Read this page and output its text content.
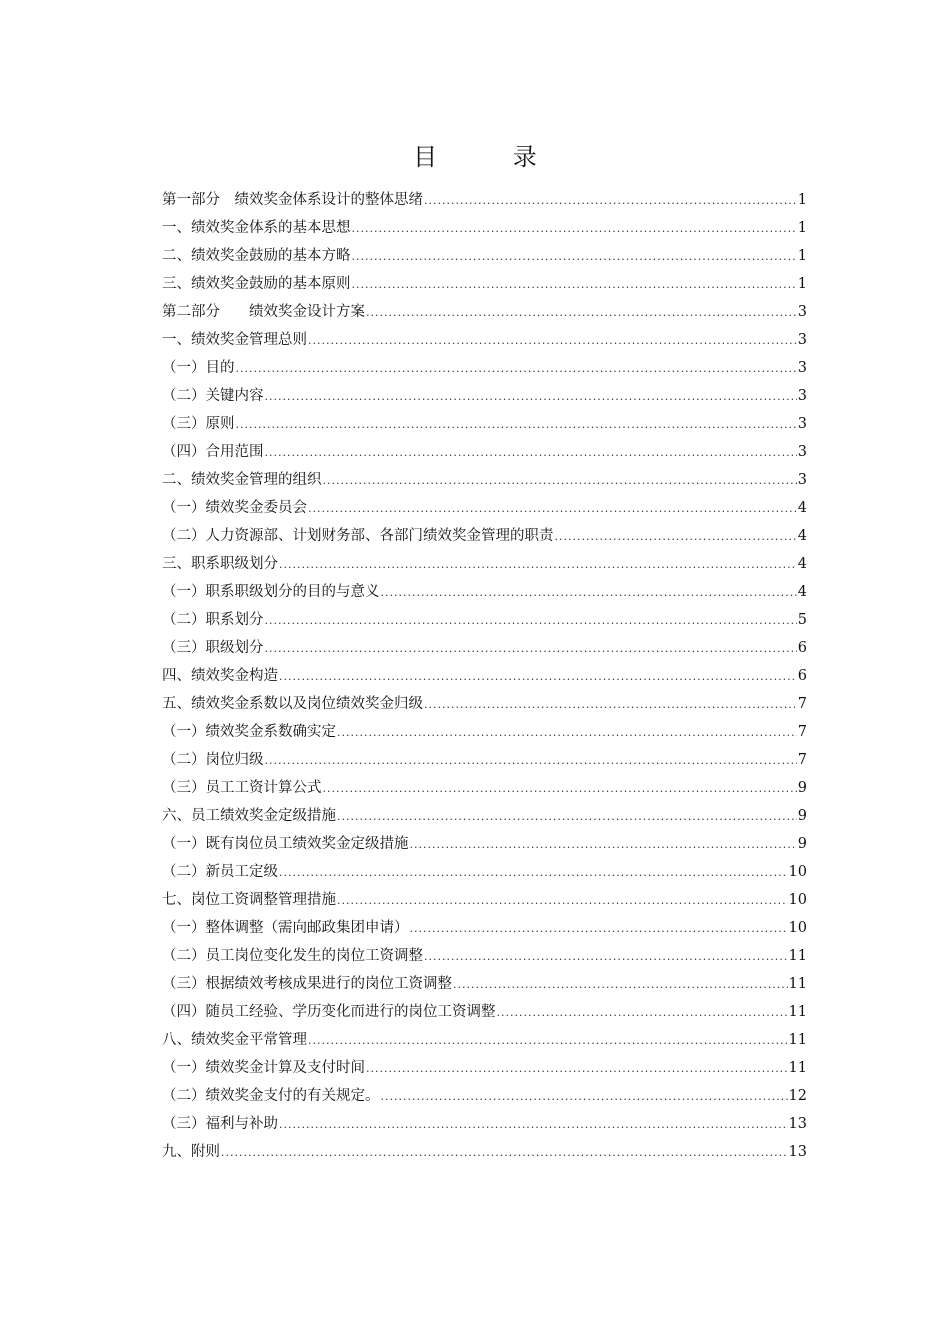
目 录
第一部分　绩效奖金体系设计的整体思绪 .....	1
一、绩效奖金体系的基本思想 .....	1
二、绩效奖金鼓励的基本方略 .....	1
三、绩效奖金鼓励的基本原则 .....	1
第二部分　　绩效奖金设计方案 .....	3
一、绩效奖金管理总则 .....	3
（一）目的 .....	3
（二）关键内容 .....	3
（三）原则 .....	3
（四）合用范围 .....	3
二、绩效奖金管理的组织 .....	3
（一）绩效奖金委员会 .....	4
（二）人力资源部、计划财务部、各部门绩效奖金管理的职责 .....	4
三、职系职级划分 .....	4
（一）职系职级划分的目的与意义 .....	4
（二）职系划分 .....	5
（三）职级划分 .....	6
四、绩效奖金构造 .....	6
五、绩效奖金系数以及岗位绩效奖金归级 .....	7
（一）绩效奖金系数确实定 .....	7
（二）岗位归级 .....	7
（三）员工工资计算公式 .....	9
六、员工绩效奖金定级措施 .....	9
（一）既有岗位员工绩效奖金定级措施 .....	9
（二）新员工定级 .....	10
七、岗位工资调整管理措施 .....	10
（一）整体调整（需向邮政集团申请） .....	10
（二）员工岗位变化发生的岗位工资调整 .....	11
（三）根据绩效考核成果进行的岗位工资调整 .....	11
（四）随员工经验、学历变化而进行的岗位工资调整 .....	11
八、绩效奖金平常管理 .....	11
（一）绩效奖金计算及支付时间 .....	11
（二）绩效奖金支付的有关规定。 .....	12
（三）福利与补助 .....	13
九、附则 .....	13
